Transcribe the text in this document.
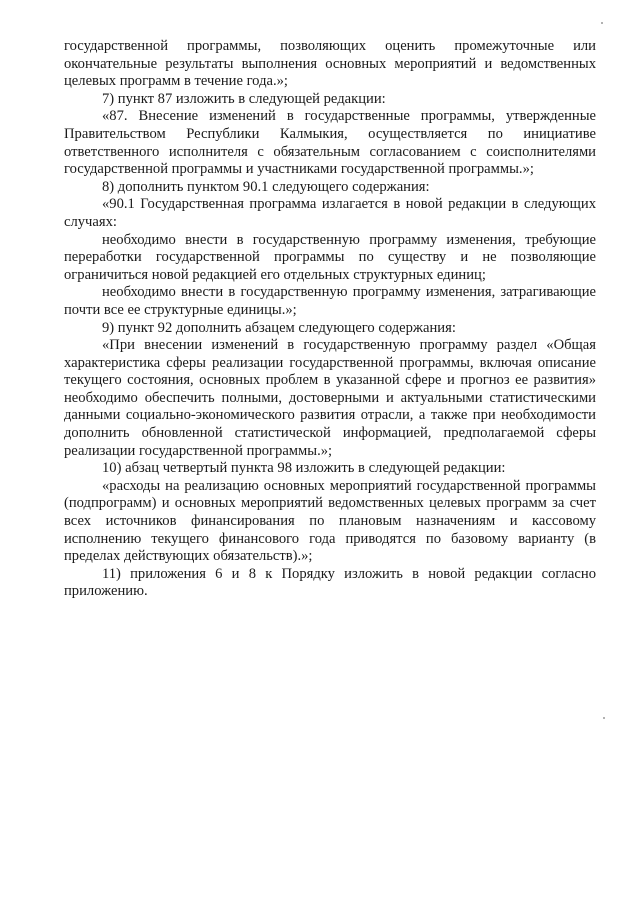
государственной программы, позволяющих оценить промежуточные или окончательные результаты выполнения основных мероприятий и ведомственных целевых программ в течение года.»;

7) пункт 87 изложить в следующей редакции:

«87. Внесение изменений в государственные программы, утвержденные Правительством Республики Калмыкия, осуществляется по инициативе ответственного исполнителя с обязательным согласованием с соисполнителями государственной программы и участниками государственной программы.»;

8) дополнить пунктом 90.1 следующего содержания:

«90.1 Государственная программа излагается в новой редакции в следующих случаях:

необходимо внести в государственную программу изменения, требующие переработки государственной программы по существу и не позволяющие ограничиться новой редакцией его отдельных структурных единиц;

необходимо внести в государственную программу изменения, затрагивающие почти все ее структурные единицы.»;

9) пункт 92 дополнить абзацем следующего содержания:

«При внесении изменений в государственную программу раздел «Общая характеристика сферы реализации государственной программы, включая описание текущего состояния, основных проблем в указанной сфере и прогноз ее развития» необходимо обеспечить полными, достоверными и актуальными статистическими данными социально-экономического развития отрасли, а также при необходимости дополнить обновленной статистической информацией, предполагаемой сферы реализации государственной программы.»;

10) абзац четвертый пункта 98 изложить в следующей редакции:

«расходы на реализацию основных мероприятий государственной программы (подпрограмм) и основных мероприятий ведомственных целевых программ за счет всех источников финансирования по плановым назначениям и кассовому исполнению текущего финансового года приводятся по базовому варианту (в пределах действующих обязательств).»;

11) приложения 6 и 8 к Порядку изложить в новой редакции согласно приложению.
